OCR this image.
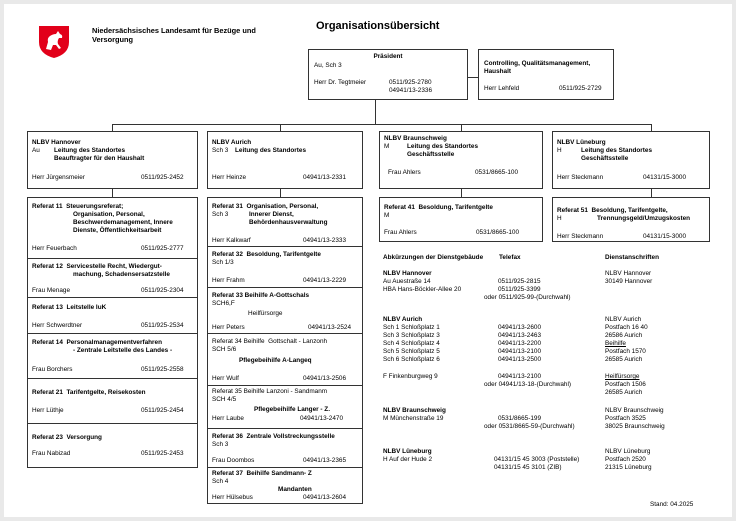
Niedersächsisches Landesamt für Bezüge und
Versorgung
Organisationsübersicht
Präsident
Au, Sch 3
Herr Dr. Tegtmeier	0511/925-2780
04941/13-2336
Controlling, Qualitätsmanagement,
Haushalt
Herr Lehfeld	0511/925-2729
NLBV Hannover
Au Leitung des Standortes
Beauftragter für den Haushalt
Herr Jürgensmeier	0511/925-2452
Referat 11  Steuerungsreferat;
Organisation, Personal,
Beschwerdemanagement, Innere
Dienste, Öffentlichkeitsarbeit
Herr Feuerbach	0511/925-2777
Referat 12  Servicestelle Recht, Wiedergut-
machung, Schadensersatzstelle
Frau Menage	0511/925-2304
Referat 13  Leitstelle IuK
Herr Schwerdtner	0511/925-2534
Referat 14  Personalmanagementverfahren
- Zentrale Leitstelle des Landes -
Frau Borchers	0511/925-2558
Referat 21  Tarifentgelte, Reisekosten
Herr Lüthje	0511/925-2454
Referat 23  Versorgung
Frau Nabizad	0511/925-2453
NLBV Aurich
Sch 3 Leitung des Standortes
Herr Heinze	04941/13-2331
Referat 31  Organisation, Personal,
Sch 3	Innerer Dienst,
Behördenhausverwaltung
Herr Kalkwarf	04941/13-2333
Referat 32  Besoldung, Tarifentgelte
Sch 1/3
Herr Frahm	04941/13-2229
Referat 33 Beihilfe A-Gottschals
SCH6,F
Heilfürsorge
Herr Peters	04941/13-2524
Referat 34 Beihilfe  Gottschalt - Lanzonh
SCH 5/6
Pflegebeihilfe A-Langeq
Herr Wulf	04941/13-2506
Referat 35 Beihilfe Lanzoni - Sandmanm
SCH 4/5
Pflegebeihilfe Langer - Z.
Herr Laube	04941/13-2470
Referat 36  Zentrale Vollstreckungsstelle
Sch 3
Frau Doombos	04941/13-2365
Referat 37  Beihilfe Sandmann- Z
Sch 4
Mandanten
Herr Hülsebus	04941/13-2604
NLBV Braunschweig
M	Leitung des Standortes
Geschäftsstelle
Frau Ahlers	0531/8665-100
Referat 41  Besoldung, Tarifentgelte
M
Frau Ahlers	0531/8665-100
NLBV Lüneburg
H	Leitung des Standortes
Geschäftsstelle
Herr Steckmann	04131/15-3000
Referat 51  Besoldung, Tarifentgelte,
H	Trennungsgeld/Umzugskosten
Herr Steckmann	04131/15-3000
Abkürzungen der Dienstgebäude Telefax	Dienstanschriften
NLBV Hannover
Au Auestraße 14	0511/925-2815
HBA Hans-Böckler-Allee 20	0511/925-3399
oder 0511/925-99-(Durchwahl)
NLBV Hannover
30149 Hannover
NLBV Aurich
Sch 1 Schloßplatz 1	04941/13-2600
Sch 3 Schloßplatz 3	04941/13-2463
Sch 4 Schloßplatz 4	04941/13-2200
Sch 5 Schloßplatz 5	04941/13-2100
Sch 6 Schloßplatz 6	04941/13-2500
F Finkenburgweg 9	04941/13-2100
oder 04941/13-18-(Durchwahl)
NLBV Aurich
Postfach 16 40
26586 Aurich
Beihilfe
Postfach 1570
26585 Aurich
Heilfürsorge
Postfach 1506
26585 Aurich
NLBV Braunschweig
M Münchenstraße 19	0531/8665-199
oder 0531/8665-59-(Durchwahl)
NLBV Braunschweig
Postfach 3525
38025 Braunschweig
NLBV Lüneburg
H Auf der Hude 2	04131/15 45 3003 (Poststelle)
04131/15 45 3101 (ZIB)
NLBV Lüneburg
Postfach 2520
21315 Lüneburg
Stand: 04.2025
